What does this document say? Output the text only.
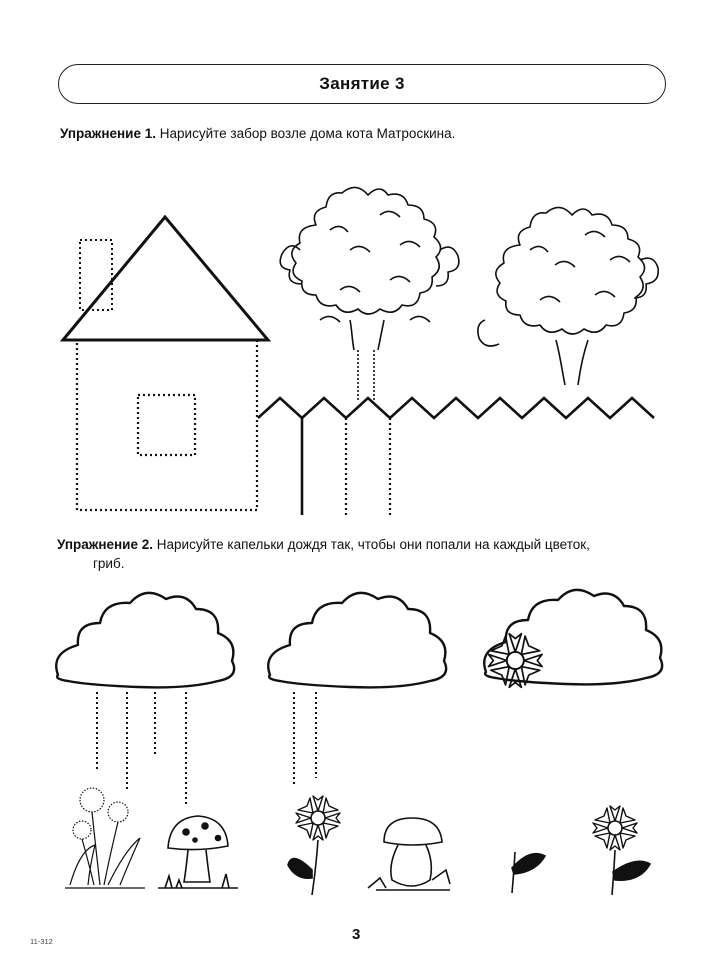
Занятие 3
Упражнение 1. Нарисуйте забор возле дома кота Матроскина.
Упражнение 2. Нарисуйте капельки дождя так, чтобы они попали на каждый цветок,
гриб.
3
11-312
